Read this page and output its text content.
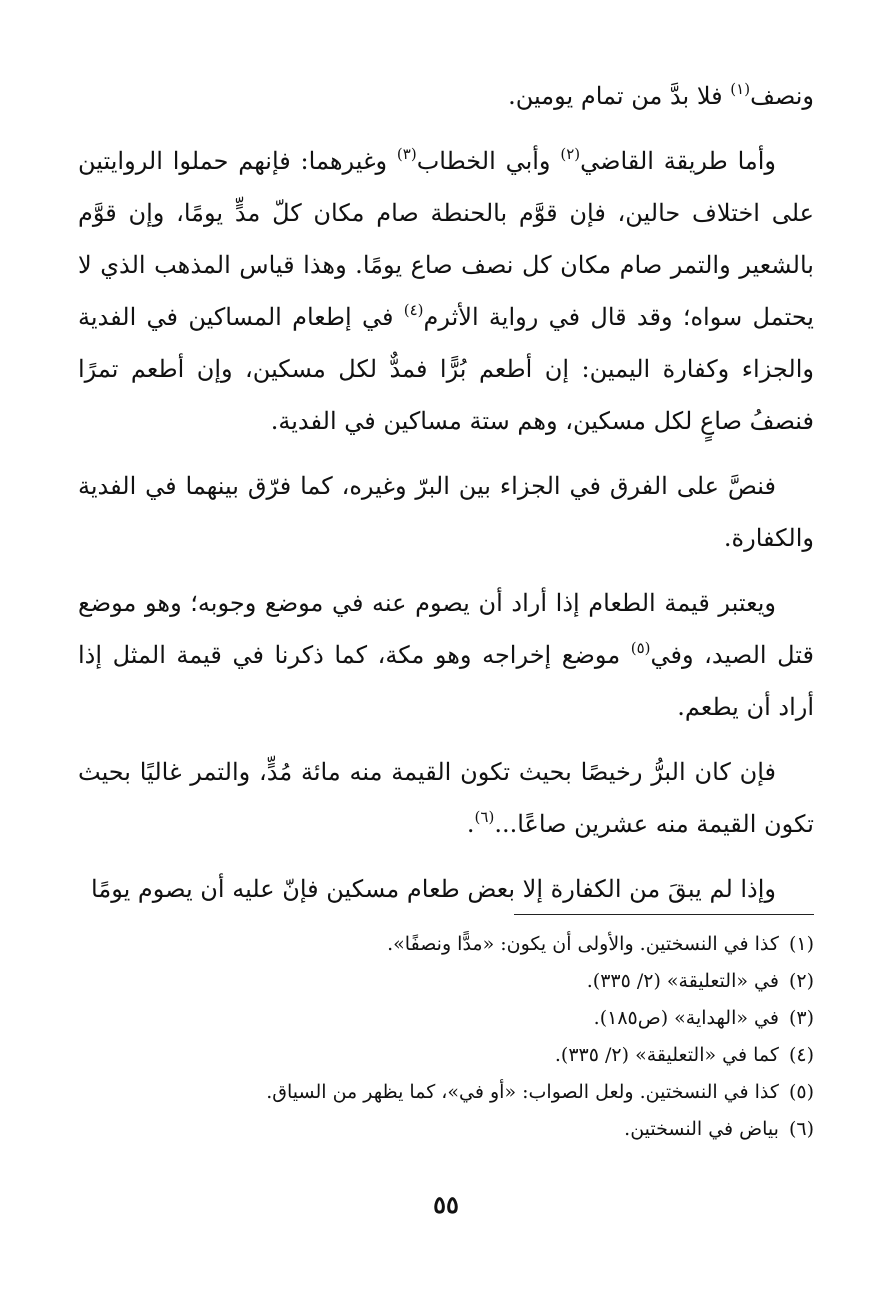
ونصف$^{(١)}$ فلا بدَّ من تمام يومين.

وأما طريقة القاضي$^{(٢)}$ وأبي الخطاب$^{(٣)}$ وغيرهما: فإنهم حملوا الروايتين على اختلاف حالين، فإن قوَّم بالحنطة صام مكان كلّ مدٍّ يومًا، وإن قوَّم بالشعير والتمر صام مكان كل نصف صاع يومًا. وهذا قياس المذهب الذي لا يحتمل سواه؛ وقد قال في رواية الأثرم$^{(٤)}$ في إطعام المساكين في الفدية والجزاء وكفارة اليمين: إن أطعم بُرًّا فمدٌّ لكل مسكين، وإن أطعم تمرًا فنصفُ صاعٍ لكل مسكين، وهم ستة مساكين في الفدية.

فنصَّ على الفرق في الجزاء بين البرّ وغيره، كما فرّق بينهما في الفدية والكفارة.

ويعتبر قيمة الطعام إذا أراد أن يصوم عنه في موضع وجوبه؛ وهو موضع قتل الصيد، وفي$^{(٥)}$ موضع إخراجه وهو مكة، كما ذكرنا في قيمة المثل إذا أراد أن يطعم.

فإن كان البرُّ رخيصًا بحيث تكون القيمة منه مائة مُدٍّ، والتمر غاليًا بحيث تكون القيمة منه عشرين صاعًا...$^{(٦)}$.

وإذا لم يبقَ من الكفارة إلا بعض طعام مسكين فإنّ عليه أن يصوم يومًا

(١)كذا في النسختين. والأولى أن يكون: «مدًّا ونصفًا».

(٢)في «التعليقة» (٢/ ٣٣٥).

(٣)في «الهداية» (ص١٨٥).

(٤)كما في «التعليقة» (٢/ ٣٣٥).

(٥)كذا في النسختين. ولعل الصواب: «أو في»، كما يظهر من السياق.

(٦)بياض في النسختين.

٥٥
